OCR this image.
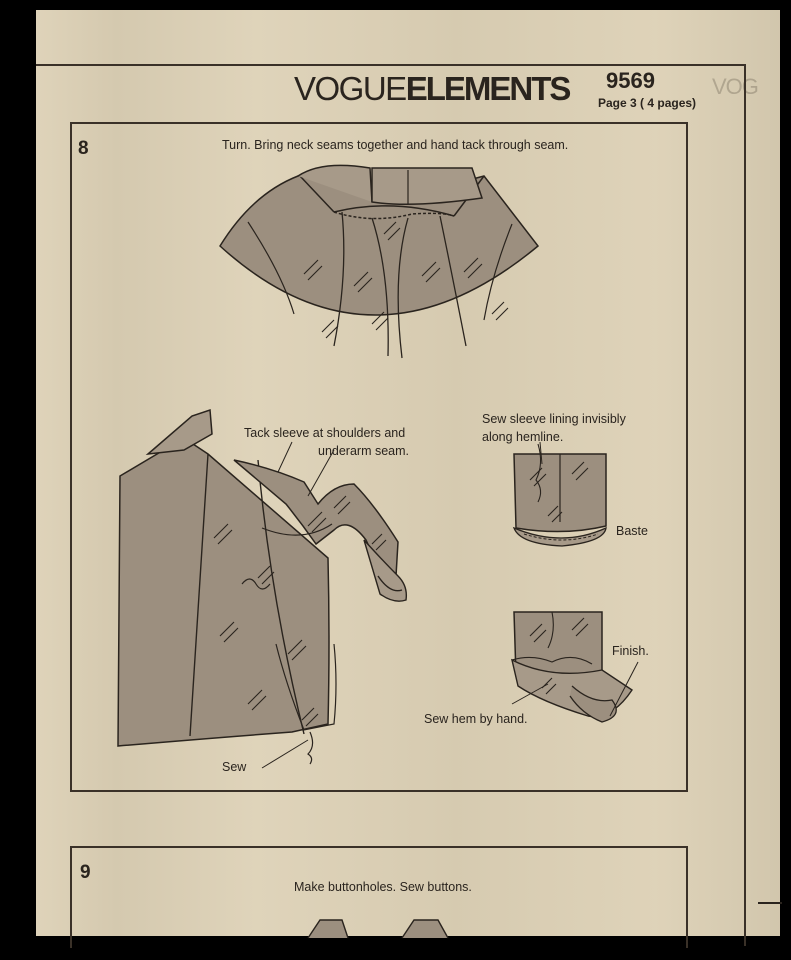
VOGUEELEMENTS 9569
Page 3 ( 4 pages)
VOG
8	Turn. Bring neck seams together and hand tack through seam.
Tack sleeve at shoulders and
underarm seam.
Sew sleeve lining invisibly
along hemline.
Baste
Finish.
Sew hem by hand.
Sew
9
Make buttonholes. Sew buttons.
